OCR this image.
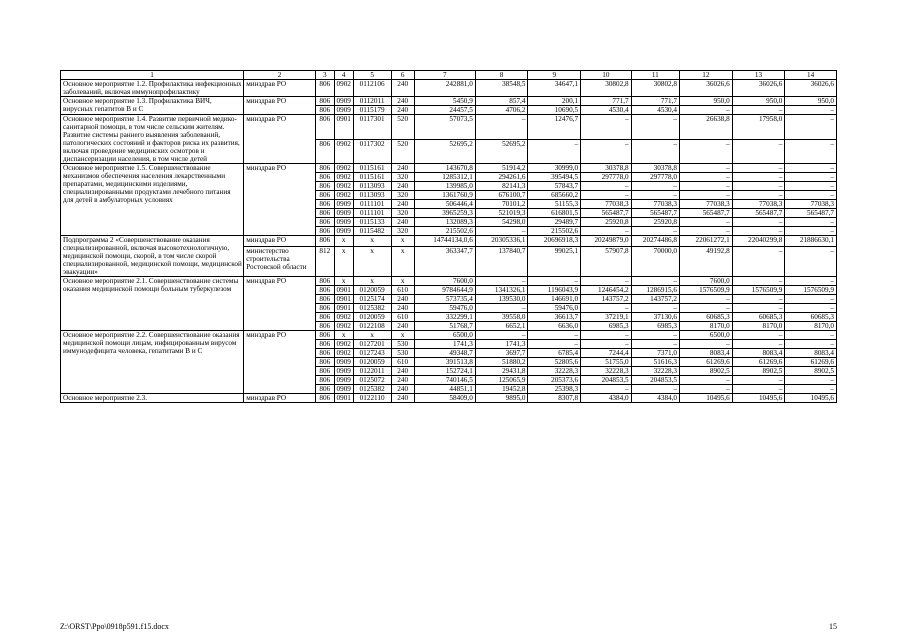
1	2	3	4	5	6	7	8	9	10	11	12	13	14
Основное мероприятие 1.2. Профилактика инфекционных заболеваний, включая иммунопрофилактику	минздрав РО	806	0902	0112106	240	242881,0	38548,5	34647,1	30802,8	30802,8	36026,6	36026,6	36026,6
Основное мероприятие 1.3. Профилактика ВИЧ, вирусных гепатитов В и С	минздрав РО	806	0909	0112011	240	5450,9	857,4	200,1	771,7	771,7	950,0	950,0	950,0
		806	0909	0115179	240	24457,5	4706,2	10690,5	4530,4	4530,4	–	–	–
Основное мероприятие 1.4. Развитие первичной медико-санитарной помощи, в том числе сельским жителям. Развитие системы раннего выявления заболеваний, патологических состояний и факторов риска их развития, включая проведение медицинских осмотров и диспансеризации населения, в том числе детей	минздрав РО	806	0901	0117301	520	57073,5	–	12476,7	–	–	26638,8	17958,0	–
		806	0902	0117302	520	52695,2	52695,2	–	–	–	–	–	–
Основное мероприятие 1.5. Совершенствование механизмов обеспечения населения лекарственными препаратами, медицинскими изделиями, специализированными продуктами лечебного питания для детей в амбулаторных условиях	минздрав РО	806	0902	0115161	240	143670,8	51914,2	30999,0	30378,8	30378,8	–	–	–
		806	0902	0115161	320	1285312,1	294261,6	395494,5	297778,0	297778,0	–	–	–
		806	0902	0113093	240	139985,0	82141,3	57843,7	–	–	–	–	–
		806	0902	0113093	320	1361760,9	676100,7	685660,2	–	–	–	–	–
		806	0909	0111101	240	506446,4	70101,2	51155,3	77038,3	77038,3	77038,3	77038,3	77038,3
		806	0909	0111101	320	3965259,3	521019,3	616801,5	565487,7	565487,7	565487,7	565487,7	565487,7
		806	0909	0115133	240	132089,3	54298,0	29489,7	25920,8	25920,8	–	–	–
		806	0909	0115482	320	215502,6	–	215502,6	–	–	–	–	–
Подпрограмма 2 «Совершенствование оказания специализированной, включая высокотехнологичную, медицинской помощи, скорой, в том числе скорой специализированной, медицинской помощи, медицинской эвакуации»	минздрав РО	806	x	x	x	14744134,0,6	20305336,1	20696918,3	20249879,0	20274486,8	22061272,1	22040299,8	21886630,1
	министерство строительства Ростовской области	812	x	x	x	363347,7	137840,7	99025,1	57907,8	70000,0	49192,8	–	–
Основное мероприятие 2.1. Совершенствование системы оказания медицинской помощи больным туберкулезом	минздрав РО	806	x	x	x	7600,0	–	–	–	–	7600,0	–	–
		806	0901	0120059	610	9784644,9	1341326,1	1196043,9	1246454,2	1286915,6	1576509,9	1576509,9	1576509,9
		806	0901	0125174	240	573735,4	139530,0	146691,0	143757,2	143757,2	–	–	–
		806	0901	0125382	240	59476,0	–	59476,0	–	–	–	–	–
		806	0902	0120059	610	332299,1	39558,0	36613,7	37219,1	37130,6	60685,3	60685,3	60685,3
		806	0902	0122108	240	51768,7	6652,1	6636,0	6985,3	6985,3	8170,0	8170,0	8170,0
Основное мероприятие 2.2. Совершенствование оказания медицинской помощи лицам, инфицированным вирусом иммунодефицита человека, гепатитами В и С	минздрав РО	806	x	x	x	6500,0	–	–	–	–	6500,0	–	–
		806	0902	0127201	530	1741,3	1741,3	–	–	–	–	–	–
		806	0902	0127243	530	49348,7	3697,7	6785,4	7244,4	7371,0	8083,4	8083,4	8083,4
		806	0909	0120059	610	391513,8	51880,2	52805,6	51755,0	51616,3	61269,6	61269,6	61269,6
		806	0909	0122011	240	152724,1	29431,8	32228,3	32228,3	32228,3	8902,5	8902,5	8902,5
		806	0909	0125072	240	740146,5	125065,9	205373,6	204853,5	204853,5	–	–	–
		806	0909	0125382	240	44851,1	19452,8	25398,3	–	–	–	–	–
Основное мероприятие 2.3.	минздрав РО	806	0901	0122110	240	58409,0	9895,0	8307,8	4384,0	4384,0	10495,6	10495,6	10495,6
Z:\ORST\Ppo\0918p591.f15.docx	15
